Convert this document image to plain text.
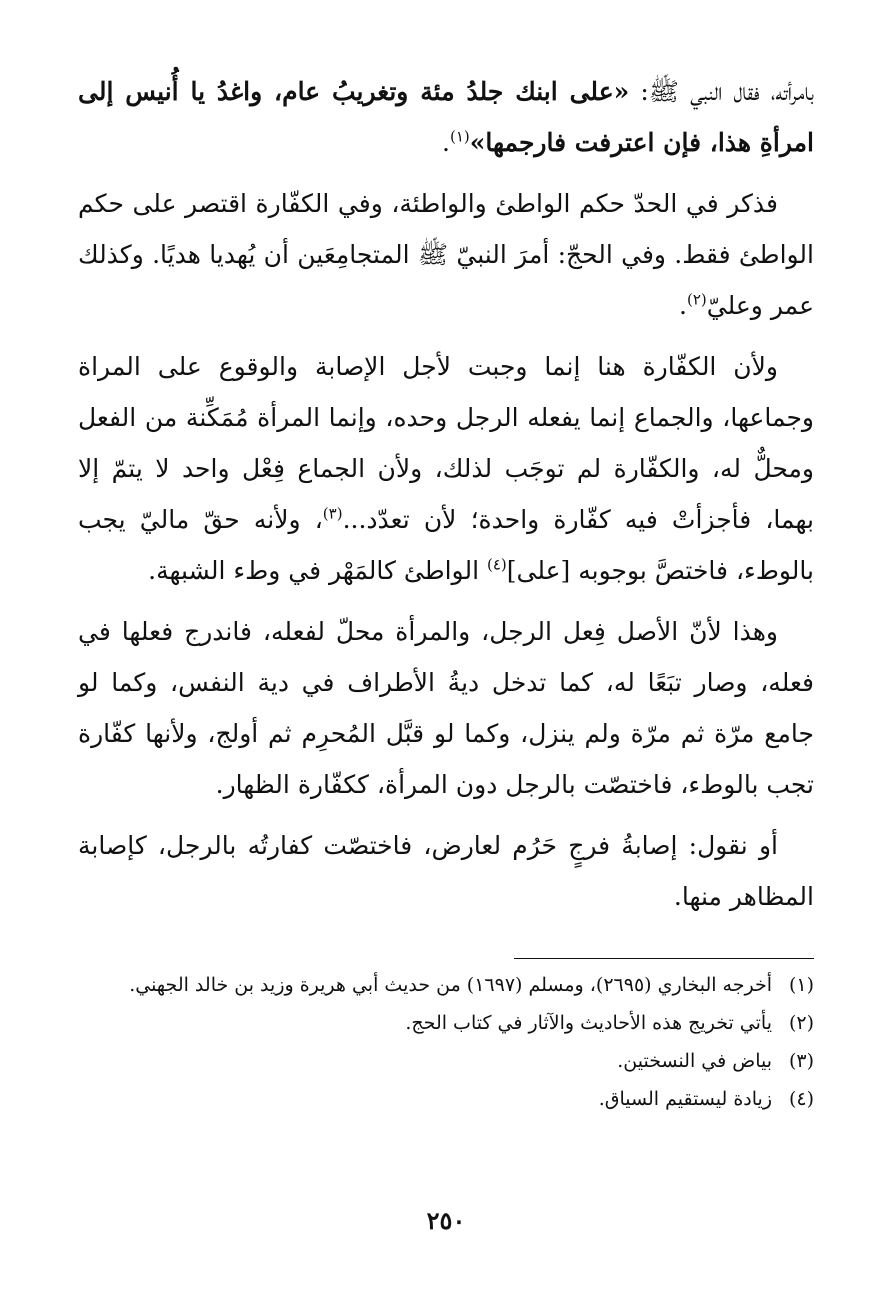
بامرأته، فقال النبي ﷺ: «على ابنك جلدُ مئة وتغريبُ عام، واغدُ يا أُنيس إلى امرأةِ هذا، فإن اعترفت فارجمها»$^{(١)}$.

فذكر في الحدّ حكم الواطئ والواطئة، وفي الكفّارة اقتصر على حكم الواطئ فقط. وفي الحجّ: أمرَ النبيّ ﷺ المتجامِعَين أن يُهديا هديًا. وكذلك عمر وعليّ$^{(٢)}$.

ولأن الكفّارة هنا إنما وجبت لأجل الإصابة والوقوع على المراة وجماعها، والجماع إنما يفعله الرجل وحده، وإنما المرأة مُمَكِّنة من الفعل ومحلٌّ له، والكفّارة لم توجَب لذلك، ولأن الجماع فِعْل واحد لا يتمّ إلا بهما، فأجزأتْ فيه كفّارة واحدة؛ لأن تعدّد...$^{(٣)}$، ولأنه حقّ ماليّ يجب بالوطء، فاختصَّ بوجوبه [على]$^{(٤)}$ الواطئ كالمَهْر في وطء الشبهة.

وهذا لأنّ الأصل فِعل الرجل، والمرأة محلّ لفعله، فاندرج فعلها في فعله، وصار تبَعًا له، كما تدخل ديةُ الأطراف في دية النفس، وكما لو جامع مرّة ثم مرّة ولم ينزل، وكما لو قبَّل المُحرِم ثم أولج، ولأنها كفّارة تجب بالوطء، فاختصّت بالرجل دون المرأة، ككفّارة الظهار.

أو نقول: إصابةُ فرجٍ حَرُم لعارض، فاختصّت كفارتُه بالرجل، كإصابة المظاهر منها.

(١)أخرجه البخاري (٢٦٩٥)، ومسلم (١٦٩٧) من حديث أبي هريرة وزيد بن خالد الجهني.
(٢)يأتي تخريج هذه الأحاديث والآثار في كتاب الحج.
(٣)بياض في النسختين.
(٤)زيادة ليستقيم السياق.
٢٥٠
